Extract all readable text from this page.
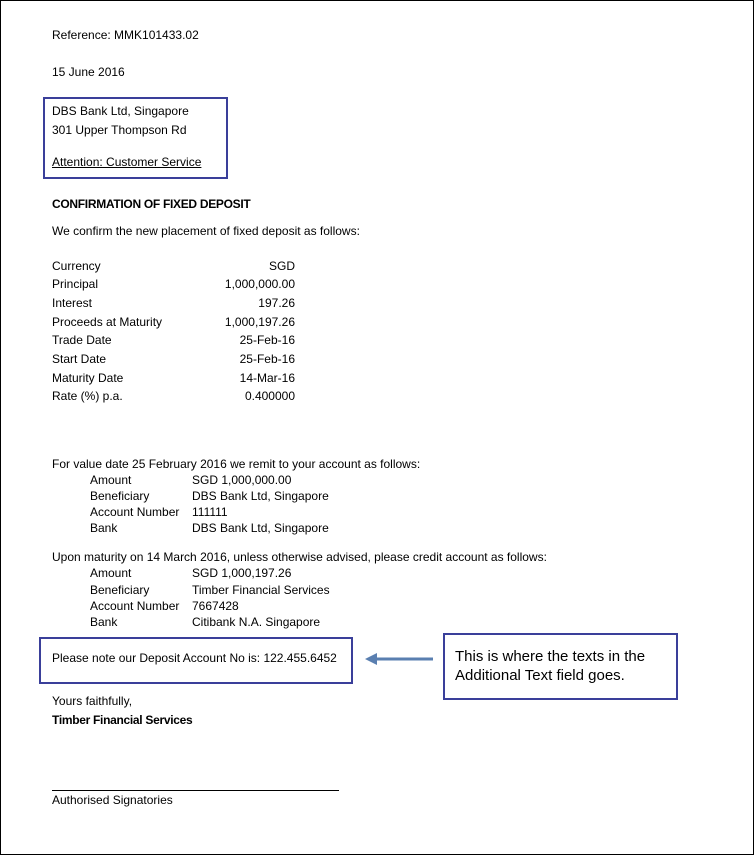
Reference: MMK101433.02
15 June 2016
DBS Bank Ltd, Singapore
301 Upper Thompson Rd
Attention: Customer Service
CONFIRMATION OF FIXED DEPOSIT
We confirm the new placement of fixed deposit as follows:
Currency	SGD
Principal	1,000,000.00
Interest	197.26
Proceeds at Maturity	1,000,197.26
Trade Date	25-Feb-16
Start Date	25-Feb-16
Maturity Date	14-Mar-16
Rate (%) p.a.	0.400000
For value date 25 February 2016 we remit to your account as follows:
Amount	SGD 1,000,000.00
Beneficiary	DBS Bank Ltd, Singapore
Account Number 111111
Bank	DBS Bank Ltd, Singapore
Upon maturity on 14 March 2016, unless otherwise advised, please credit account as follows:
Amount	SGD 1,000,197.26
Beneficiary	Timber Financial Services
Account Number 7667428
Bank	Citibank N.A. Singapore
Please note our Deposit Account No is: 122.455.6452	This is where the texts in the Additional Text field goes.
Yours faithfully,
Timber Financial Services
Authorised Signatories
